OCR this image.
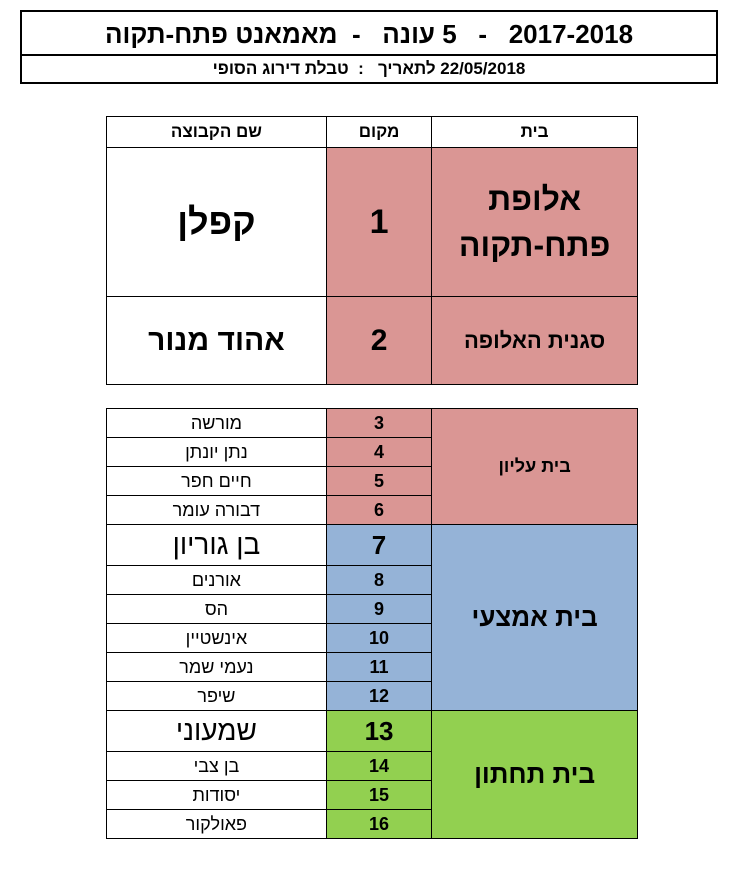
2017-2018   -   5 עונה   -  מאמאנט פתח-תקוה
22/05/2018 לתאריך   :  טבלת דירוג הסופי
בית	מקום	שם הקבוצה

אלופת
פתח-תקוה	1	קפלן
סגנית האלופה	2	אהוד מנור
בית עליון	3	מורשה
	4	נתן יונתן
	5	חיים חפר
	6	דבורה עומר
בית אמצעי	7	בן גוריון
	8	אורנים
	9	הס
	10	אינשטיין
	11	נעמי שמר
	12	שיפר
בית תחתון	13	שמעוני
	14	בן צבי
	15	יסודות
	16	פאולקור
